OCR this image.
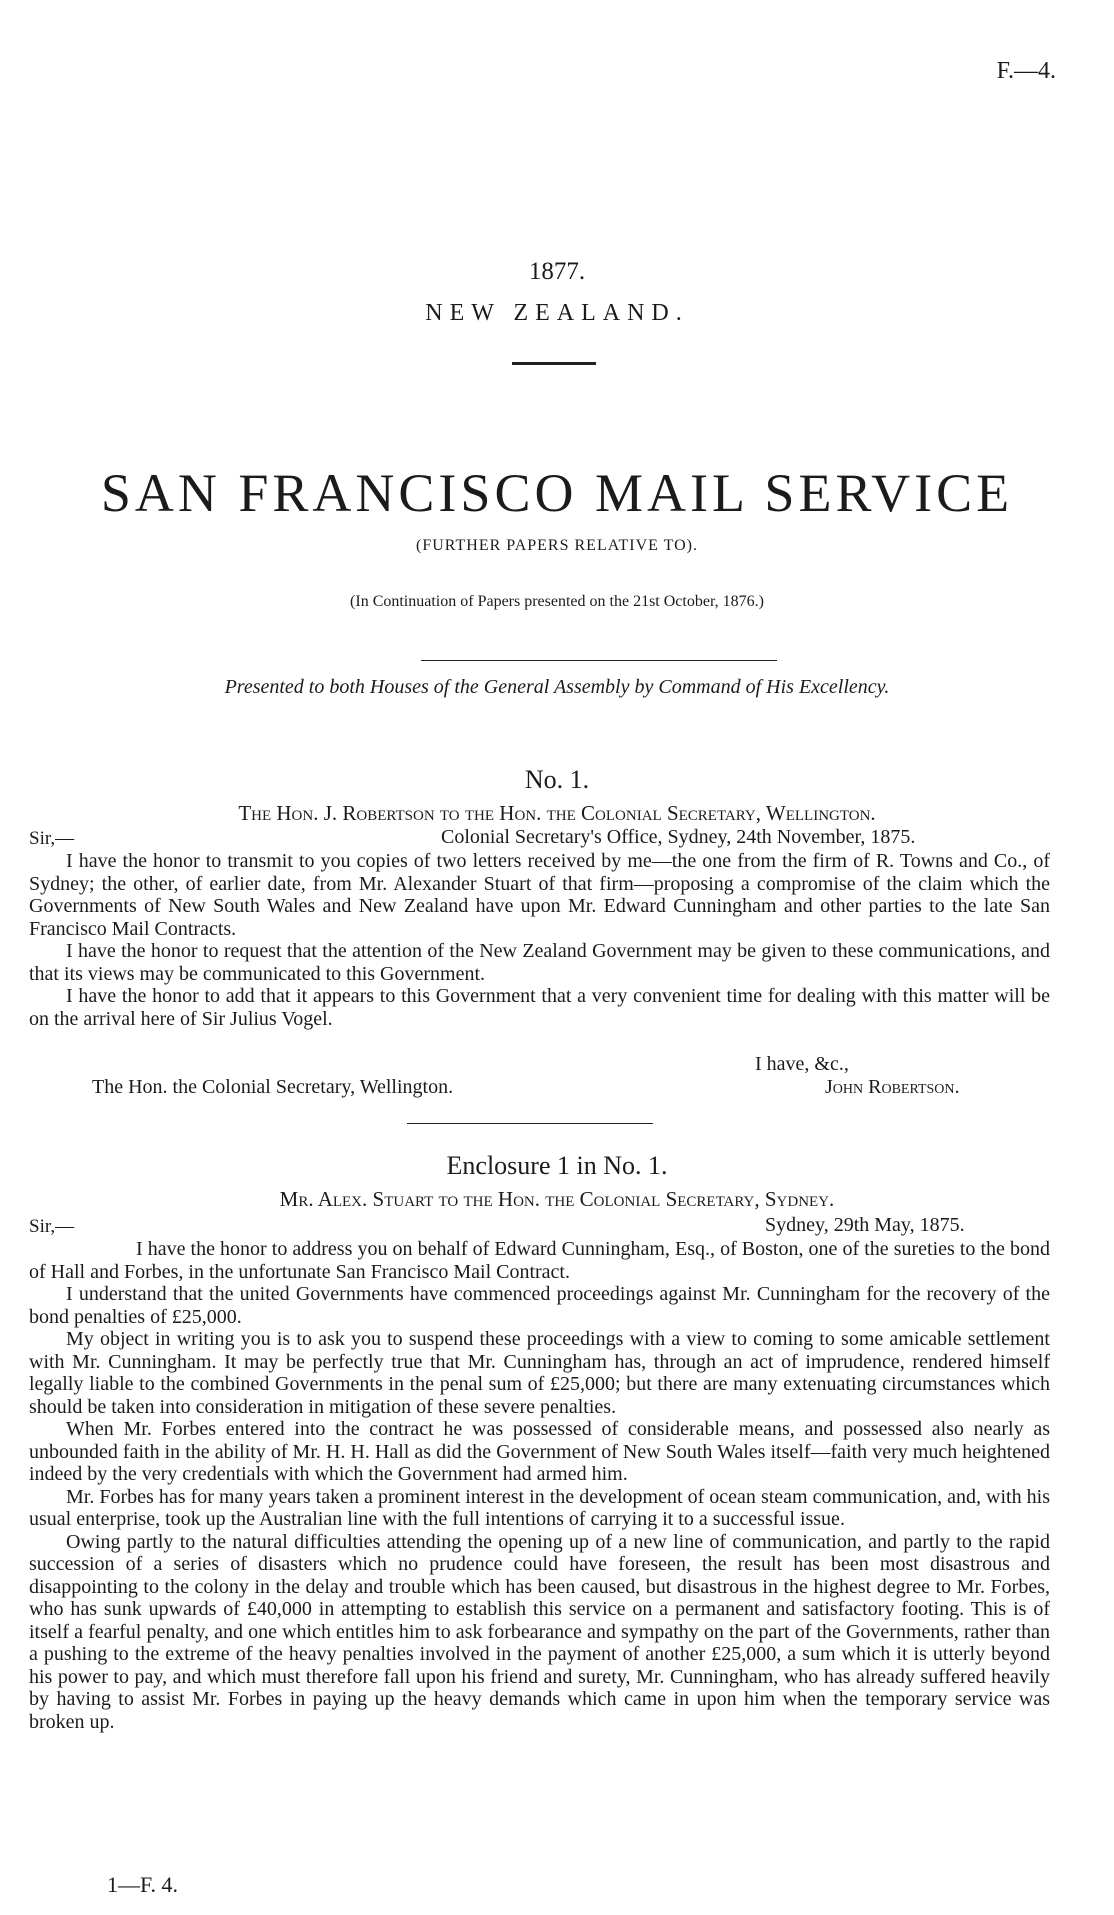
F.—4.
1877.
NEW ZEALAND.
SAN FRANCISCO MAIL SERVICE
(FURTHER PAPERS RELATIVE TO).
(In Continuation of Papers presented on the 21st October, 1876.)
Presented to both Houses of the General Assembly by Command of His Excellency.
No. 1.
The Hon. J. Robertson to the Hon. the Colonial Secretary, Wellington.
Sir,—	Colonial Secretary's Office, Sydney, 24th November, 1875.

I have the honor to transmit to you copies of two letters received by me—the one from the firm of R. Towns and Co., of Sydney; the other, of earlier date, from Mr. Alexander Stuart of that firm—proposing a compromise of the claim which the Governments of New South Wales and New Zealand have upon Mr. Edward Cunningham and other parties to the late San Francisco Mail Contracts.

I have the honor to request that the attention of the New Zealand Government may be given to these communications, and that its views may be communicated to this Government.

I have the honor to add that it appears to this Government that a very convenient time for dealing with this matter will be on the arrival here of Sir Julius Vogel.

I have, &c.,
The Hon. the Colonial Secretary, Wellington.	John Robertson.
Enclosure 1 in No. 1.
Mr. Alex. Stuart to the Hon. the Colonial Secretary, Sydney.
Sir,—	Sydney, 29th May, 1875.

I have the honor to address you on behalf of Edward Cunningham, Esq., of Boston, one of the sureties to the bond of Hall and Forbes, in the unfortunate San Francisco Mail Contract.

I understand that the united Governments have commenced proceedings against Mr. Cunningham for the recovery of the bond penalties of £25,000.

My object in writing you is to ask you to suspend these proceedings with a view to coming to some amicable settlement with Mr. Cunningham. It may be perfectly true that Mr. Cunningham has, through an act of imprudence, rendered himself legally liable to the combined Governments in the penal sum of £25,000; but there are many extenuating circumstances which should be taken into consideration in mitigation of these severe penalties.

When Mr. Forbes entered into the contract he was possessed of considerable means, and possessed also nearly as unbounded faith in the ability of Mr. H. H. Hall as did the Government of New South Wales itself—faith very much heightened indeed by the very credentials with which the Government had armed him.

Mr. Forbes has for many years taken a prominent interest in the development of ocean steam communication, and, with his usual enterprise, took up the Australian line with the full intentions of carrying it to a successful issue.

Owing partly to the natural difficulties attending the opening up of a new line of communication, and partly to the rapid succession of a series of disasters which no prudence could have foreseen, the result has been most disastrous and disappointing to the colony in the delay and trouble which has been caused, but disastrous in the highest degree to Mr. Forbes, who has sunk upwards of £40,000 in attempting to establish this service on a permanent and satisfactory footing. This is of itself a fearful penalty, and one which entitles him to ask forbearance and sympathy on the part of the Governments, rather than a pushing to the extreme of the heavy penalties involved in the payment of another £25,000, a sum which it is utterly beyond his power to pay, and which must therefore fall upon his friend and surety, Mr. Cunningham, who has already suffered heavily by having to assist Mr. Forbes in paying up the heavy demands which came in upon him when the temporary service was broken up.

1—F. 4.
